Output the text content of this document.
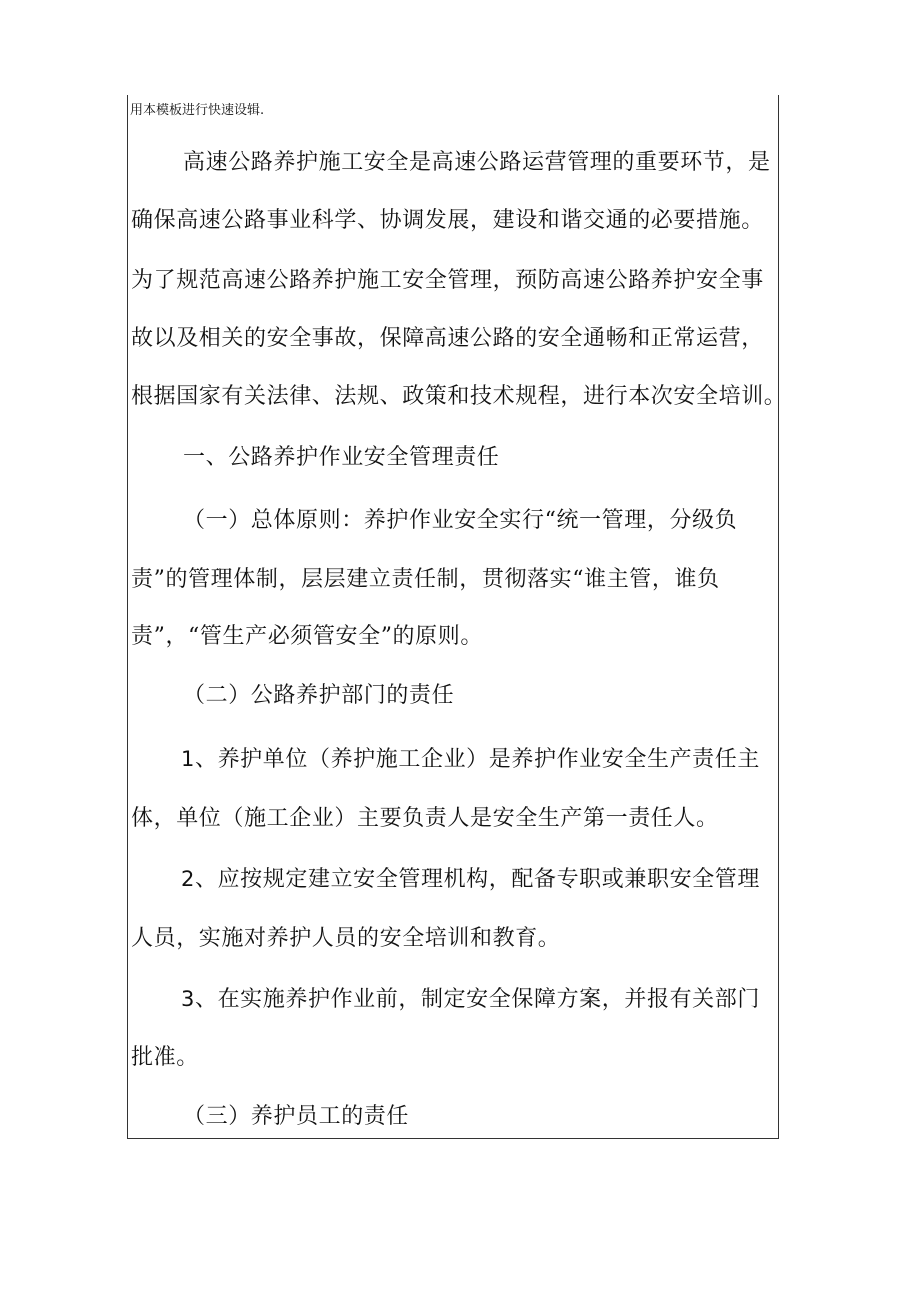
用本模板进行快速设辑.
高速公路养护施工安全是高速公路运营管理的重要环节，是
确保高速公路事业科学、协调发展，建设和谐交通的必要措施。
为了规范高速公路养护施工安全管理，预防高速公路养护安全事
故以及相关的安全事故，保障高速公路的安全通畅和正常运营，
根据国家有关法律、法规、政策和技术规程，进行本次安全培训。
一、公路养护作业安全管理责任
（一）总体原则：养护作业安全实行“统一管理，分级负
责”的管理体制，层层建立责任制，贯彻落实“谁主管，谁负
责”，“管生产必须管安全”的原则。
（二）公路养护部门的责任
1、养护单位（养护施工企业）是养护作业安全生产责任主
体，单位（施工企业）主要负责人是安全生产第一责任人。
2、应按规定建立安全管理机构，配备专职或兼职安全管理
人员，实施对养护人员的安全培训和教育。
3、在实施养护作业前，制定安全保障方案，并报有关部门
批准。
（三）养护员工的责任
